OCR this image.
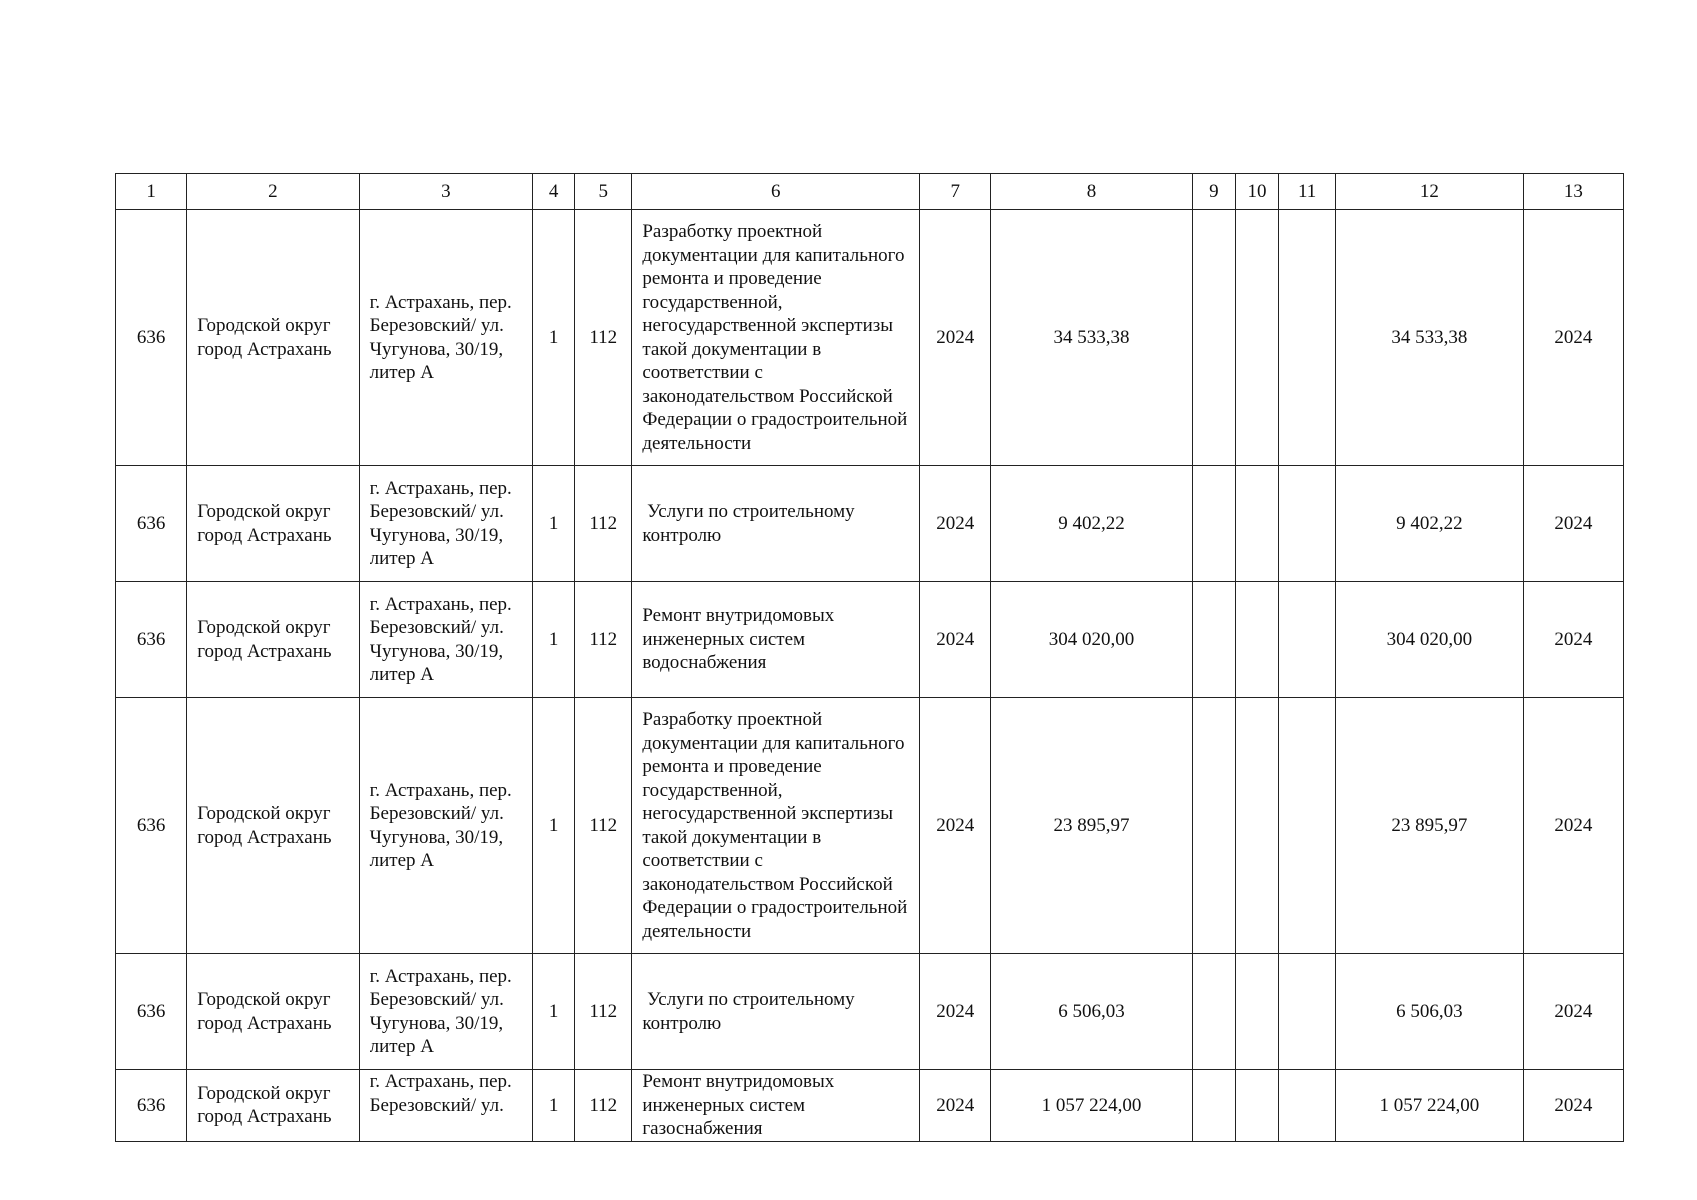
1	2	3	4	5	6	7	8	9	10	11	12	13
636	Городской округ город Астрахань	г. Астрахань, пер. Березовский/ ул. Чугунова, 30/19, литер А	1	112	Разработку проектной документации для капитального ремонта и проведение государственной, негосударственной экспертизы такой документации в соответствии с законодательством Российской Федерации о градостроительной деятельности	2024	34 533,38				34 533,38	2024
636	Городской округ город Астрахань	г. Астрахань, пер. Березовский/ ул. Чугунова, 30/19, литер А	1	112	Услуги по строительному контролю	2024	9 402,22				9 402,22	2024
636	Городской округ город Астрахань	г. Астрахань, пер. Березовский/ ул. Чугунова, 30/19, литер А	1	112	Ремонт внутридомовых инженерных систем водоснабжения	2024	304 020,00				304 020,00	2024
636	Городской округ город Астрахань	г. Астрахань, пер. Березовский/ ул. Чугунова, 30/19, литер А	1	112	Разработку проектной документации для капитального ремонта и проведение государственной, негосударственной экспертизы такой документации в соответствии с законодательством Российской Федерации о градостроительной деятельности	2024	23 895,97				23 895,97	2024
636	Городской округ город Астрахань	г. Астрахань, пер. Березовский/ ул. Чугунова, 30/19, литер А	1	112	Услуги по строительному контролю	2024	6 506,03				6 506,03	2024
636	Городской округ город Астрахань	г. Астрахань, пер. Березовский/ ул.	1	112	Ремонт внутридомовых инженерных систем газоснабжения	2024	1 057 224,00				1 057 224,00	2024
